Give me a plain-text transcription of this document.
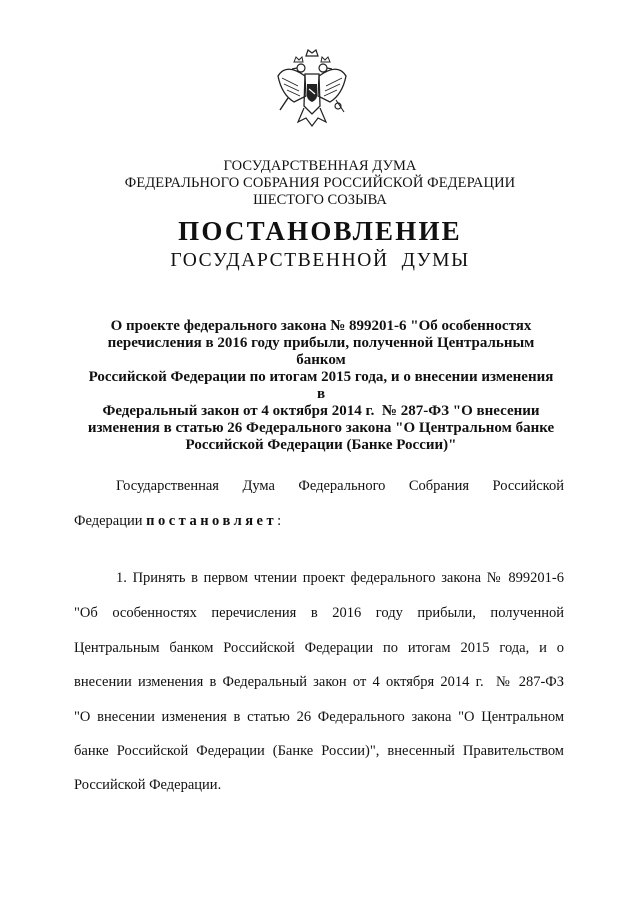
ГОСУДАРСТВЕННАЯ ДУМА
ФЕДЕРАЛЬНОГО СОБРАНИЯ РОССИЙСКОЙ ФЕДЕРАЦИИ
ШЕСТОГО СОЗЫВА
ПОСТАНОВЛЕНИЕ
ГОСУДАРСТВЕННОЙ  ДУМЫ
О проекте федерального закона № 899201-6 "Об особенностях
перечисления в 2016 году прибыли, полученной Центральным банком
Российской Федерации по итогам 2015 года, и о внесении изменения в
Федеральный закон от 4 октября 2014 г.  № 287-ФЗ "О внесении
изменения в статью 26 Федерального закона "О Центральном банке
Российской Федерации (Банке России)"
Государственная Дума Федерального Собрания Российской
Федерации постановляет:
1. Принять в первом чтении проект федерального закона № 899201-6
"Об особенностях перечисления в 2016 году прибыли, полученной
Центральным банком Российской Федерации по итогам 2015 года, и о
внесении изменения в Федеральный закон от 4 октября 2014 г.  № 287-ФЗ
"О внесении изменения в статью 26 Федерального закона "О Центральном
банке Российской Федерации (Банке России)", внесенный Правительством
Российской Федерации.
